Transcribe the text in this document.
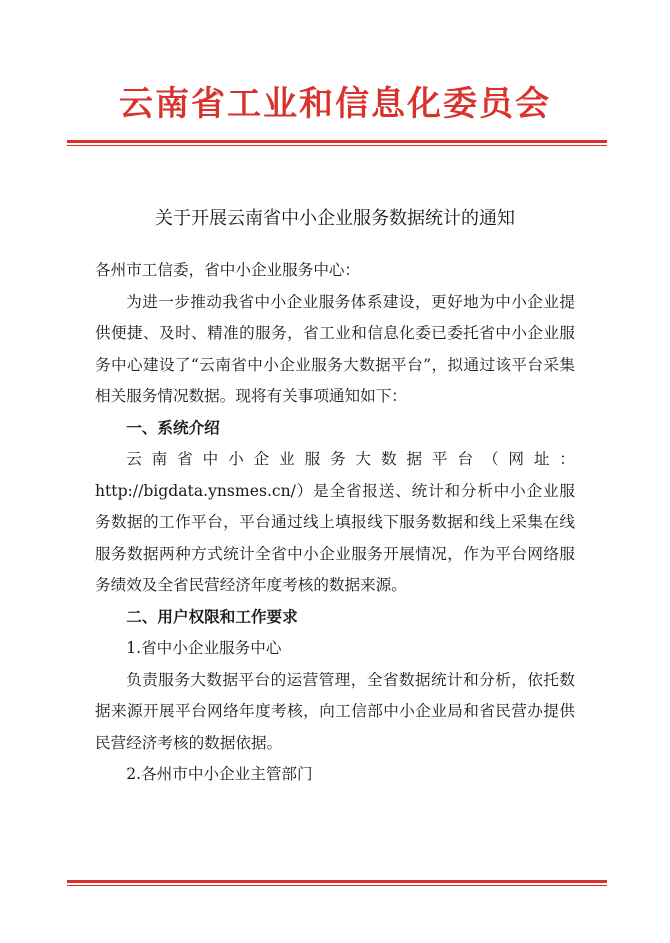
云南省工业和信息化委员会
关于开展云南省中小企业服务数据统计的通知

各州市工信委，省中小企业服务中心：

为进一步推动我省中小企业服务体系建设，更好地为中小企业提供便捷、及时、精准的服务，省工业和信息化委已委托省中小企业服务中心建设了“云南省中小企业服务大数据平台”，拟通过该平台采集相关服务情况数据。现将有关事项通知如下：

一、系统介绍

云南省中小企业服务大数据平台（网址：http://bigdata.ynsmes.cn/）是全省报送、统计和分析中小企业服务数据的工作平台，平台通过线上填报线下服务数据和线上采集在线服务数据两种方式统计全省中小企业服务开展情况，作为平台网络服务绩效及全省民营经济年度考核的数据来源。

二、用户权限和工作要求

1.省中小企业服务中心

负责服务大数据平台的运营管理，全省数据统计和分析，依托数据来源开展平台网络年度考核，向工信部中小企业局和省民营办提供民营经济考核的数据依据。

2.各州市中小企业主管部门
